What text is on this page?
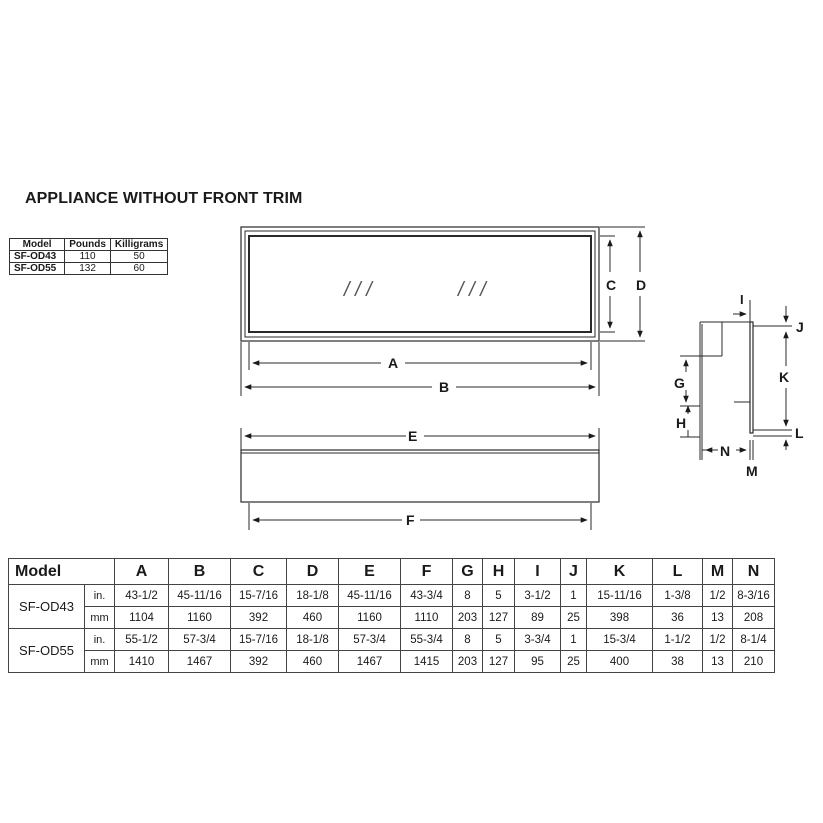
APPLIANCE WITHOUT FRONT TRIM
Model	Pounds	Killigrams
SF-OD43	110	50
SF-OD55	132	60
/ / /	/ / /	C D
A
B
E
F
G
H
I
J
K
L
M
N
Model		A	B	C	D	E	F	G	H	I	J	K	L	M	N
SF-OD43	in.	43-1/2	45-11/16	15-7/16	18-1/8	45-11/16	43-3/4	8	5	3-1/2	1	15-11/16	1-3/8	1/2	8-3/16
	mm	1104	1160	392	460	1160	1110	203	127	89	25	398	36	13	208
SF-OD55	in.	55-1/2	57-3/4	15-7/16	18-1/8	57-3/4	55-3/4	8	5	3-3/4	1	15-3/4	1-1/2	1/2	8-1/4
	mm	1410	1467	392	460	1467	1415	203	127	95	25	400	38	13	210
